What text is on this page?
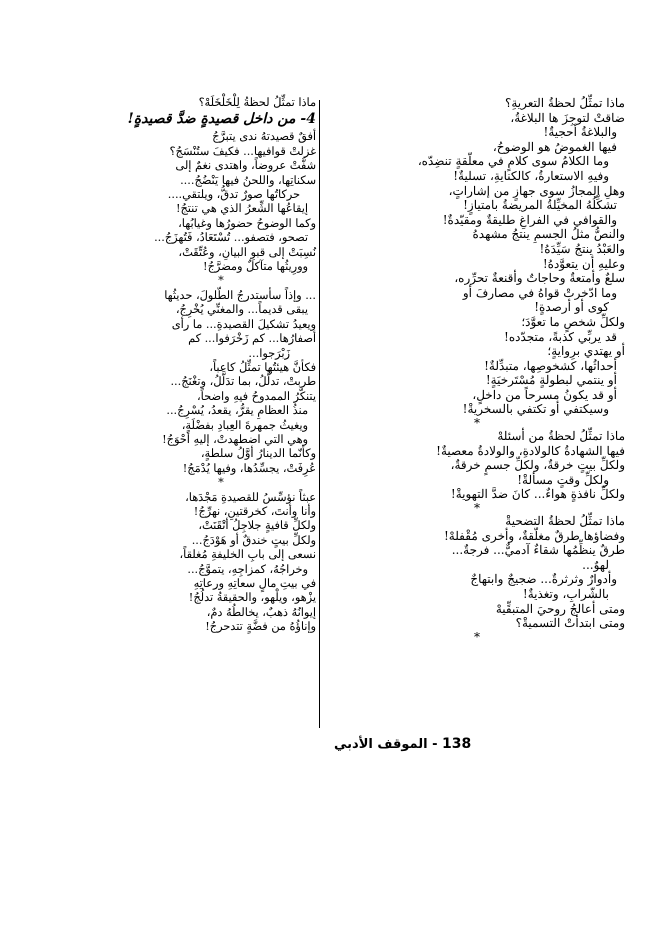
ماذا تمثِّلُ لحظةُ التعريةِ؟
ضاقتْ لتوجِزَ ها البلاغةُ،
والبلاغةُ أحجيةٌ!
فيها الغموضُ هو الوضوحُ،
وما الكلامُ سوى كلامٍ في معلّقةٍ تنضِدّه،
وفيهِ الاستعارةُ، كالكنايةِ، تسليةٌ!
وهلِ المجازُ سوى جهازٍ من إشاراتٍ،
تشكِّلُهُ المخيِّلةُ المريضةُ بامتيازٍ!
والقوافي في الفراغِ طليقةٌ ومقيّدةٌ!
والنصُّ مثلُ الجسمِ ينتجُ مشهدهُ
والعَبْدُ ينتجُ سَيِّدَهُ!
وعليهِ أن يتعوَّدهُ!
سلعٌ وأمتعةٌ وحاجاتٌ وأقنعةٌ تحرِّره،
وما ادّخرتْ قواهُ في مصارفَ أو
كوى أو أرصدةٍ!
ولكلِّ شخصٍ ما تعوَّدَ؛
قد يربِّي كذبةً، متجدّده!
أو يهتدي برِوايةٍ؛
أحداثُها، كشخوصِها، متبدِّلةٌ!
أو ينتمي لبطولةٍ مُسْتَرخيَةٍ!
أو قد يكونُ مسرحاً من داخلٍ،
وسيكتفي أو تكتفي بالسخريةْ!
*
ماذا تمثِّلُ لحظةُ من أسئلهْ
فيها الشهادةُ كالولادةِ، والولادةُ معصيةٌ!
ولكلِّ بيتٍ خرقةٌ، ولكلِّ جسمٍ خرقةٌ،
ولكلِّ وقتٍ مسألةْ!
ولكلِّ نافذةٍ هواءٌ... كانَ ضدَّ التهويةْ!
*
ماذا تمثِّلُ لحظةُ التضحيةْ
وفضاؤها طرقٌ مغلّقةٌ، وأخرى مُقْفلهْ!
طرقٌ ينظِّمُها شقاءٌ آدميٌّ... فرجةٌ...
لهوٌ...
وأدوارٌ وثرثرةٌ... ضجيجٌ وابتهاجٌ
بالشّرابِ، وتغذيةٌ!
ومتى أعالجُ روحيَ المتبقِّيهْ
ومتى ابتدأتْ التسميةْ؟
*
ماذا تمثِّلُ لحظةُ لِلْخَلْخَلَهْ؟
4- من داخل قصيدةٍ ضدَّ قصيدةٍ!
أفقٌ قصيدتهُ ندى يتبرَّجُ
غزلتْ قوافيها... فكيفَ ستُنْسَجُ؟
شفَّتْ عروضاً، واهتدى نغمٌ إلى
سكناتِها، واللحنُ فيها يَنْضُجُ....
حركاتُها صورٌ تدقُّ، ويلتقي....
إيقاعُها الشِّعرُ الذي هي تنتجُ!
وكما الوضوحُ حضورُها وغيابُها،
تصحو، فتصفو... تُسْتَعَادُ، فَتُهزَجُ...
نُسِبَتْ إلى قبوِ البيانِ، وعُتِّقَتْ،
وورِيثُها متآكلٌ ومضرَّجُ!
*
... وإذاً سأستدرجُ الطّلولَ، حديثُها
يبقى قديماً... والمغنِّي يُخْرِجُ،
ويعيدُ تشكيلَ القصيدةِ... ما رأى
أصفارُها... كم زَخْرَفوا... كم
زَبْرَجوا...
فكأنَّ هيئتُها تمثِّلُ كاعباً،
طربتْ، تدلَّلُ، بما تدَلَّلُ، وتغْنَجُ...
يتنكَّرُ الممدوحُ فيهِ واضحاً،
منذُ العظامِ يقرُّ، يقعدُ، يُسْرِجُ...
ويغيثُ جمهرةَ العِبادِ بفضْلَةٍ،
وهي التي اضطهدتْ، إليهِ أحْوَجُ!
وكأنّما الدينارُ أوَّلُ سلطةٍ،
عُرِفَتْ، يجسِّدُها، وفيها يُدْمَجُ!
*
عبثاً نؤسِّسُ للقصيدةِ مَجْدَها،
وأنا وأنتَ، كخرقتينِ، نهرِّجُ!
ولكلِّ قافيةٍ جلاجِلُ أتْقَنَتْ،
ولكلِّ بيتٍ خندقٌ أو هَوْدَجُ...
نسعى إلى بابِ الخليفةِ مُغلقاً،
وخراجُهُ، كمزاجِهِ، يتموَّجُ...
في بيتِ مالٍ سعاتِهِ ورعاتِهِ
يزْهو، ويلْهو، والحقيقةُ تدلُجُ!
إيوانُهُ ذهبٌ، يخالطُهُ دمٌ،
وإناؤُهُ من فضَّةٍ تتدحرجُ!
138 - الموقف الأدبي
